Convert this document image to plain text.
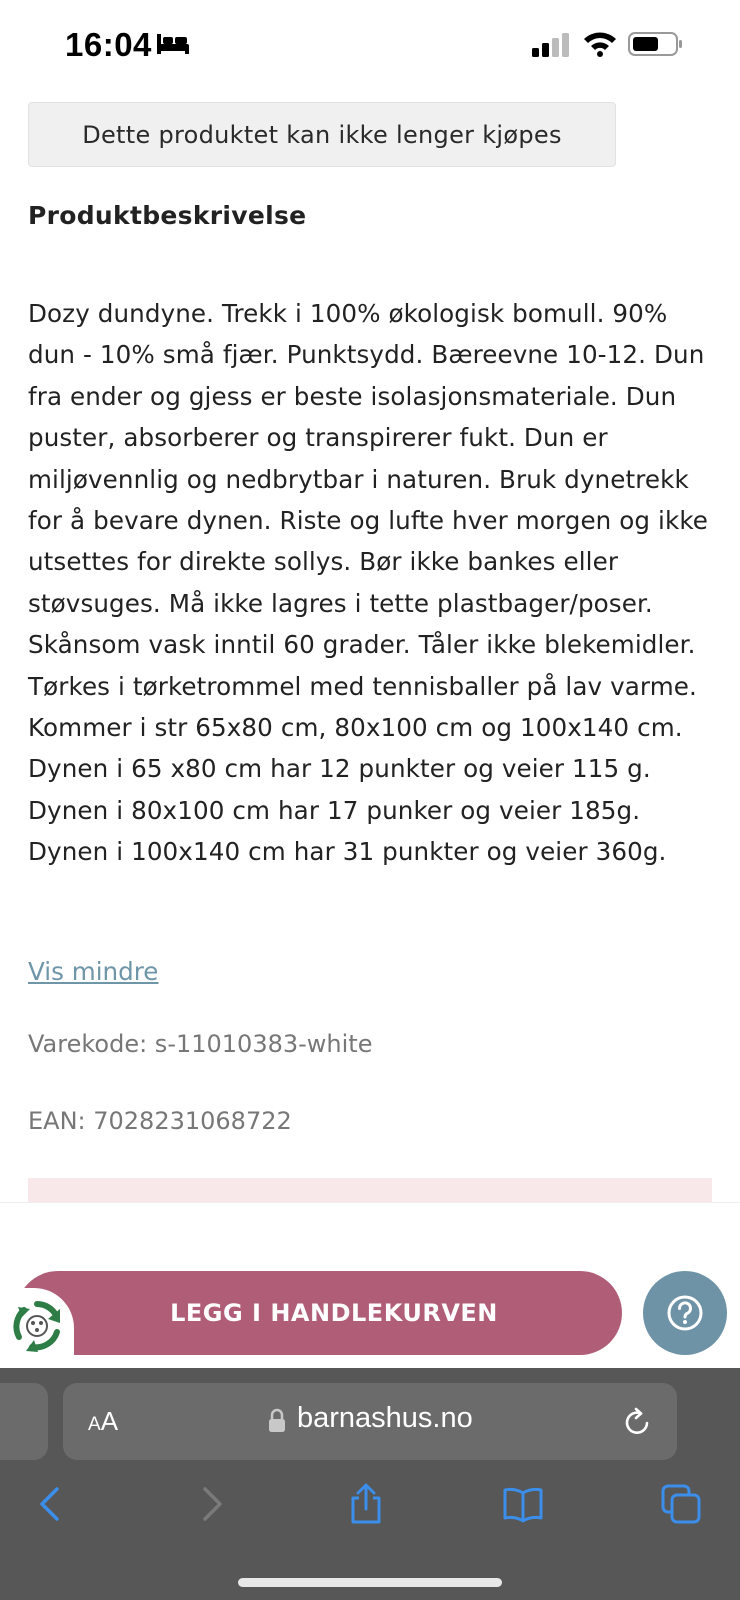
16:04
Dette produktet kan ikke lenger kjøpes
Produktbeskrivelse

Dozy dundyne. Trekk i 100% økologisk bomull. 90% dun - 10% små fjær. Punktsydd. Bæreevne 10-12. Dun fra ender og gjess er beste isolasjonsmateriale. Dun puster, absorberer og transpirerer fukt. Dun er miljøvennlig og nedbrytbar i naturen. Bruk dynetrekk for å bevare dynen. Riste og lufte hver morgen og ikke utsettes for direkte sollys. Bør ikke bankes eller støvsuges. Må ikke lagres i tette plastbager/poser. Skånsom vask inntil 60 grader. Tåler ikke blekemidler. Tørkes i tørketrommel med tennisballer på lav varme. Kommer i str 65x80 cm, 80x100 cm og 100x140 cm. Dynen i 65 x80 cm har 12 punkter og veier 115 g. Dynen i 80x100 cm har 17 punker og veier 185g. Dynen i 100x140 cm har 31 punkter og veier 360g.

Vis mindre
Varekode: s-11010383-white
EAN: 7028231068722
LEGG I HANDLEKURVEN
AA	barnashus.no
